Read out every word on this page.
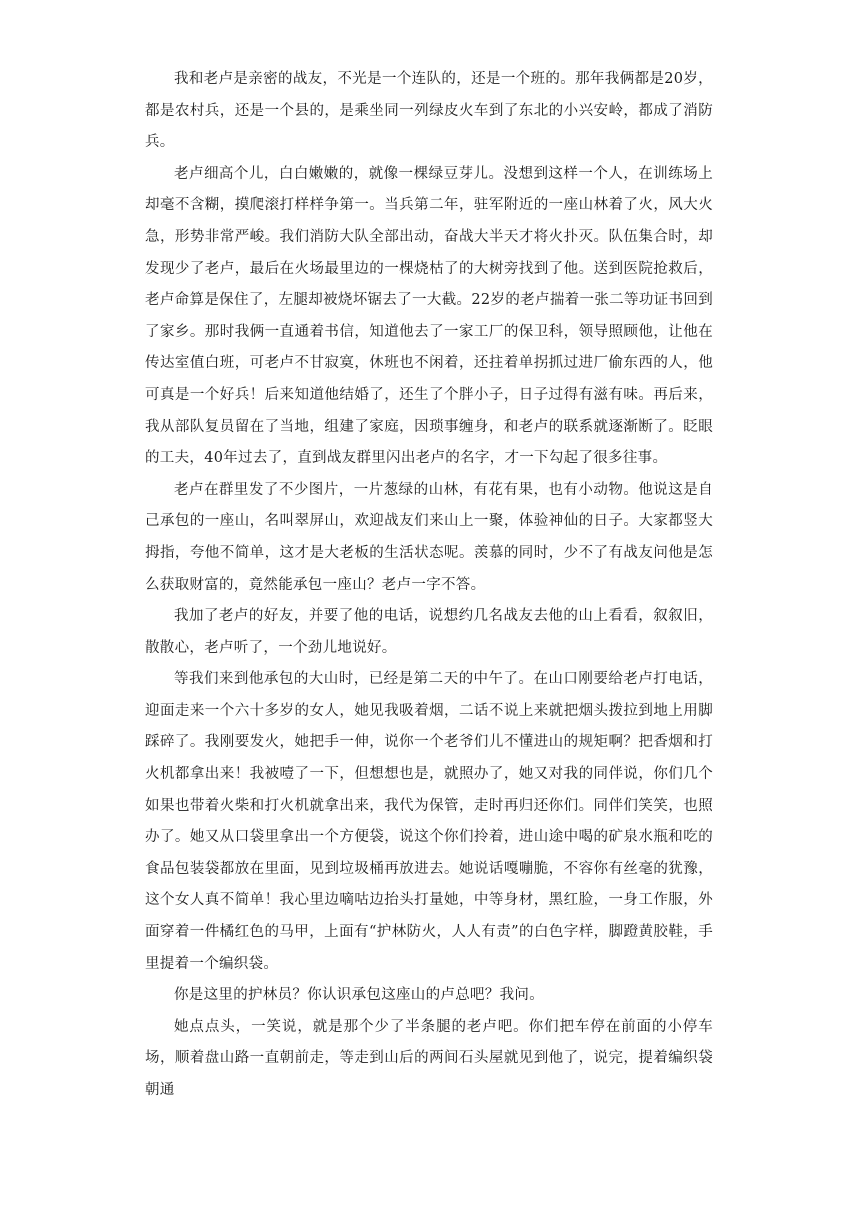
我和老卢是亲密的战友，不光是一个连队的，还是一个班的。那年我俩都是20岁，都是农村兵，还是一个县的，是乘坐同一列绿皮火车到了东北的小兴安岭，都成了消防兵。

老卢细高个儿，白白嫩嫩的，就像一棵绿豆芽儿。没想到这样一个人，在训练场上却毫不含糊，摸爬滚打样样争第一。当兵第二年，驻军附近的一座山林着了火，风大火急，形势非常严峻。我们消防大队全部出动，奋战大半天才将火扑灭。队伍集合时，却发现少了老卢，最后在火场最里边的一棵烧枯了的大树旁找到了他。送到医院抢救后，老卢命算是保住了，左腿却被烧坏锯去了一大截。22岁的老卢揣着一张二等功证书回到了家乡。那时我俩一直通着书信，知道他去了一家工厂的保卫科，领导照顾他，让他在传达室值白班，可老卢不甘寂寞，休班也不闲着，还拄着单拐抓过进厂偷东西的人，他可真是一个好兵！后来知道他结婚了，还生了个胖小子，日子过得有滋有味。再后来，我从部队复员留在了当地，组建了家庭，因琐事缠身，和老卢的联系就逐渐断了。眨眼的工夫，40年过去了，直到战友群里闪出老卢的名字，才一下勾起了很多往事。

老卢在群里发了不少图片，一片葱绿的山林，有花有果，也有小动物。他说这是自己承包的一座山，名叫翠屏山，欢迎战友们来山上一聚，体验神仙的日子。大家都竖大拇指，夸他不简单，这才是大老板的生活状态呢。羡慕的同时，少不了有战友问他是怎么获取财富的，竟然能承包一座山？老卢一字不答。

我加了老卢的好友，并要了他的电话，说想约几名战友去他的山上看看，叙叙旧，散散心，老卢听了，一个劲儿地说好。

等我们来到他承包的大山时，已经是第二天的中午了。在山口刚要给老卢打电话，迎面走来一个六十多岁的女人，她见我吸着烟，二话不说上来就把烟头拨拉到地上用脚踩碎了。我刚要发火，她把手一伸，说你一个老爷们儿不懂进山的规矩啊？把香烟和打火机都拿出来！我被噎了一下，但想想也是，就照办了，她又对我的同伴说，你们几个如果也带着火柴和打火机就拿出来，我代为保管，走时再归还你们。同伴们笑笑，也照办了。她又从口袋里拿出一个方便袋，说这个你们拎着，进山途中喝的矿泉水瓶和吃的食品包装袋都放在里面，见到垃圾桶再放进去。她说话嘎嘣脆，不容你有丝毫的犹豫，这个女人真不简单！我心里边嘀咕边抬头打量她，中等身材，黑红脸，一身工作服，外面穿着一件橘红色的马甲，上面有“护林防火，人人有责”的白色字样，脚蹬黄胶鞋，手里提着一个编织袋。

你是这里的护林员？你认识承包这座山的卢总吧？我问。

她点点头，一笑说，就是那个少了半条腿的老卢吧。你们把车停在前面的小停车场，顺着盘山路一直朝前走，等走到山后的两间石头屋就见到他了，说完，提着编织袋朝通
